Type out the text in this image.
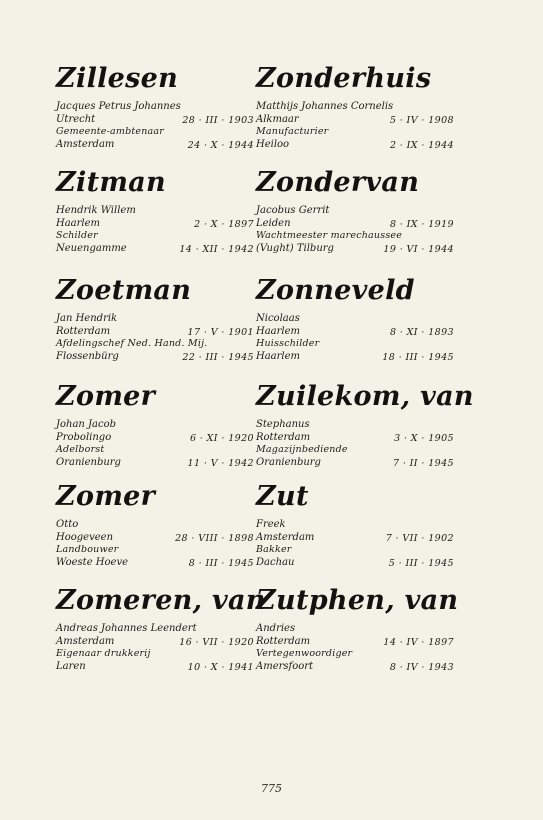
Zillesen
Jacques Petrus Johannes
Utrecht	28 · III · 1903
Gemeente-ambtenaar
Amsterdam	24 · X · 1944
Zitman
Hendrik Willem
Haarlem	2 · X · 1897
Schilder
Neuengamme	14 · XII · 1942
Zoetman
Jan Hendrik
Rotterdam	17 · V · 1901
Afdelingschef Ned. Hand. Mij.
Flossenbürg	22 · III · 1945
Zomer
Johan Jacob
Probolingo	6 · XI · 1920
Adelborst
Oranienburg	11 · V · 1942
Zomer
Otto
Hoogeveen	28 · VIII · 1898
Landbouwer
Woeste Hoeve	8 · III · 1945
Zomeren, van
Andreas Johannes Leendert
Amsterdam	16 · VII · 1920
Eigenaar drukkerij
Laren	10 · X · 1941
Zonderhuis
Matthijs Johannes Cornelis
Alkmaar	5 · IV · 1908
Manufacturier
Heiloo	2 · IX · 1944
Zondervan
Jacobus Gerrit
Leiden	8 · IX · 1919
Wachtmeester marechaussee
(Vught) Tilburg	19 · VI · 1944
Zonneveld
Nicolaas
Haarlem	8 · XI · 1893
Huisschilder
Haarlem	18 · III · 1945
Zuilekom, van
Stephanus
Rotterdam	3 · X · 1905
Magazijnbediende
Oranienburg	7 · II · 1945
Zut
Freek
Amsterdam	7 · VII · 1902
Bakker
Dachau	5 · III · 1945
Zutphen, van
Andries
Rotterdam	14 · IV · 1897
Vertegenwoordiger
Amersfoort	8 · IV · 1943
775
